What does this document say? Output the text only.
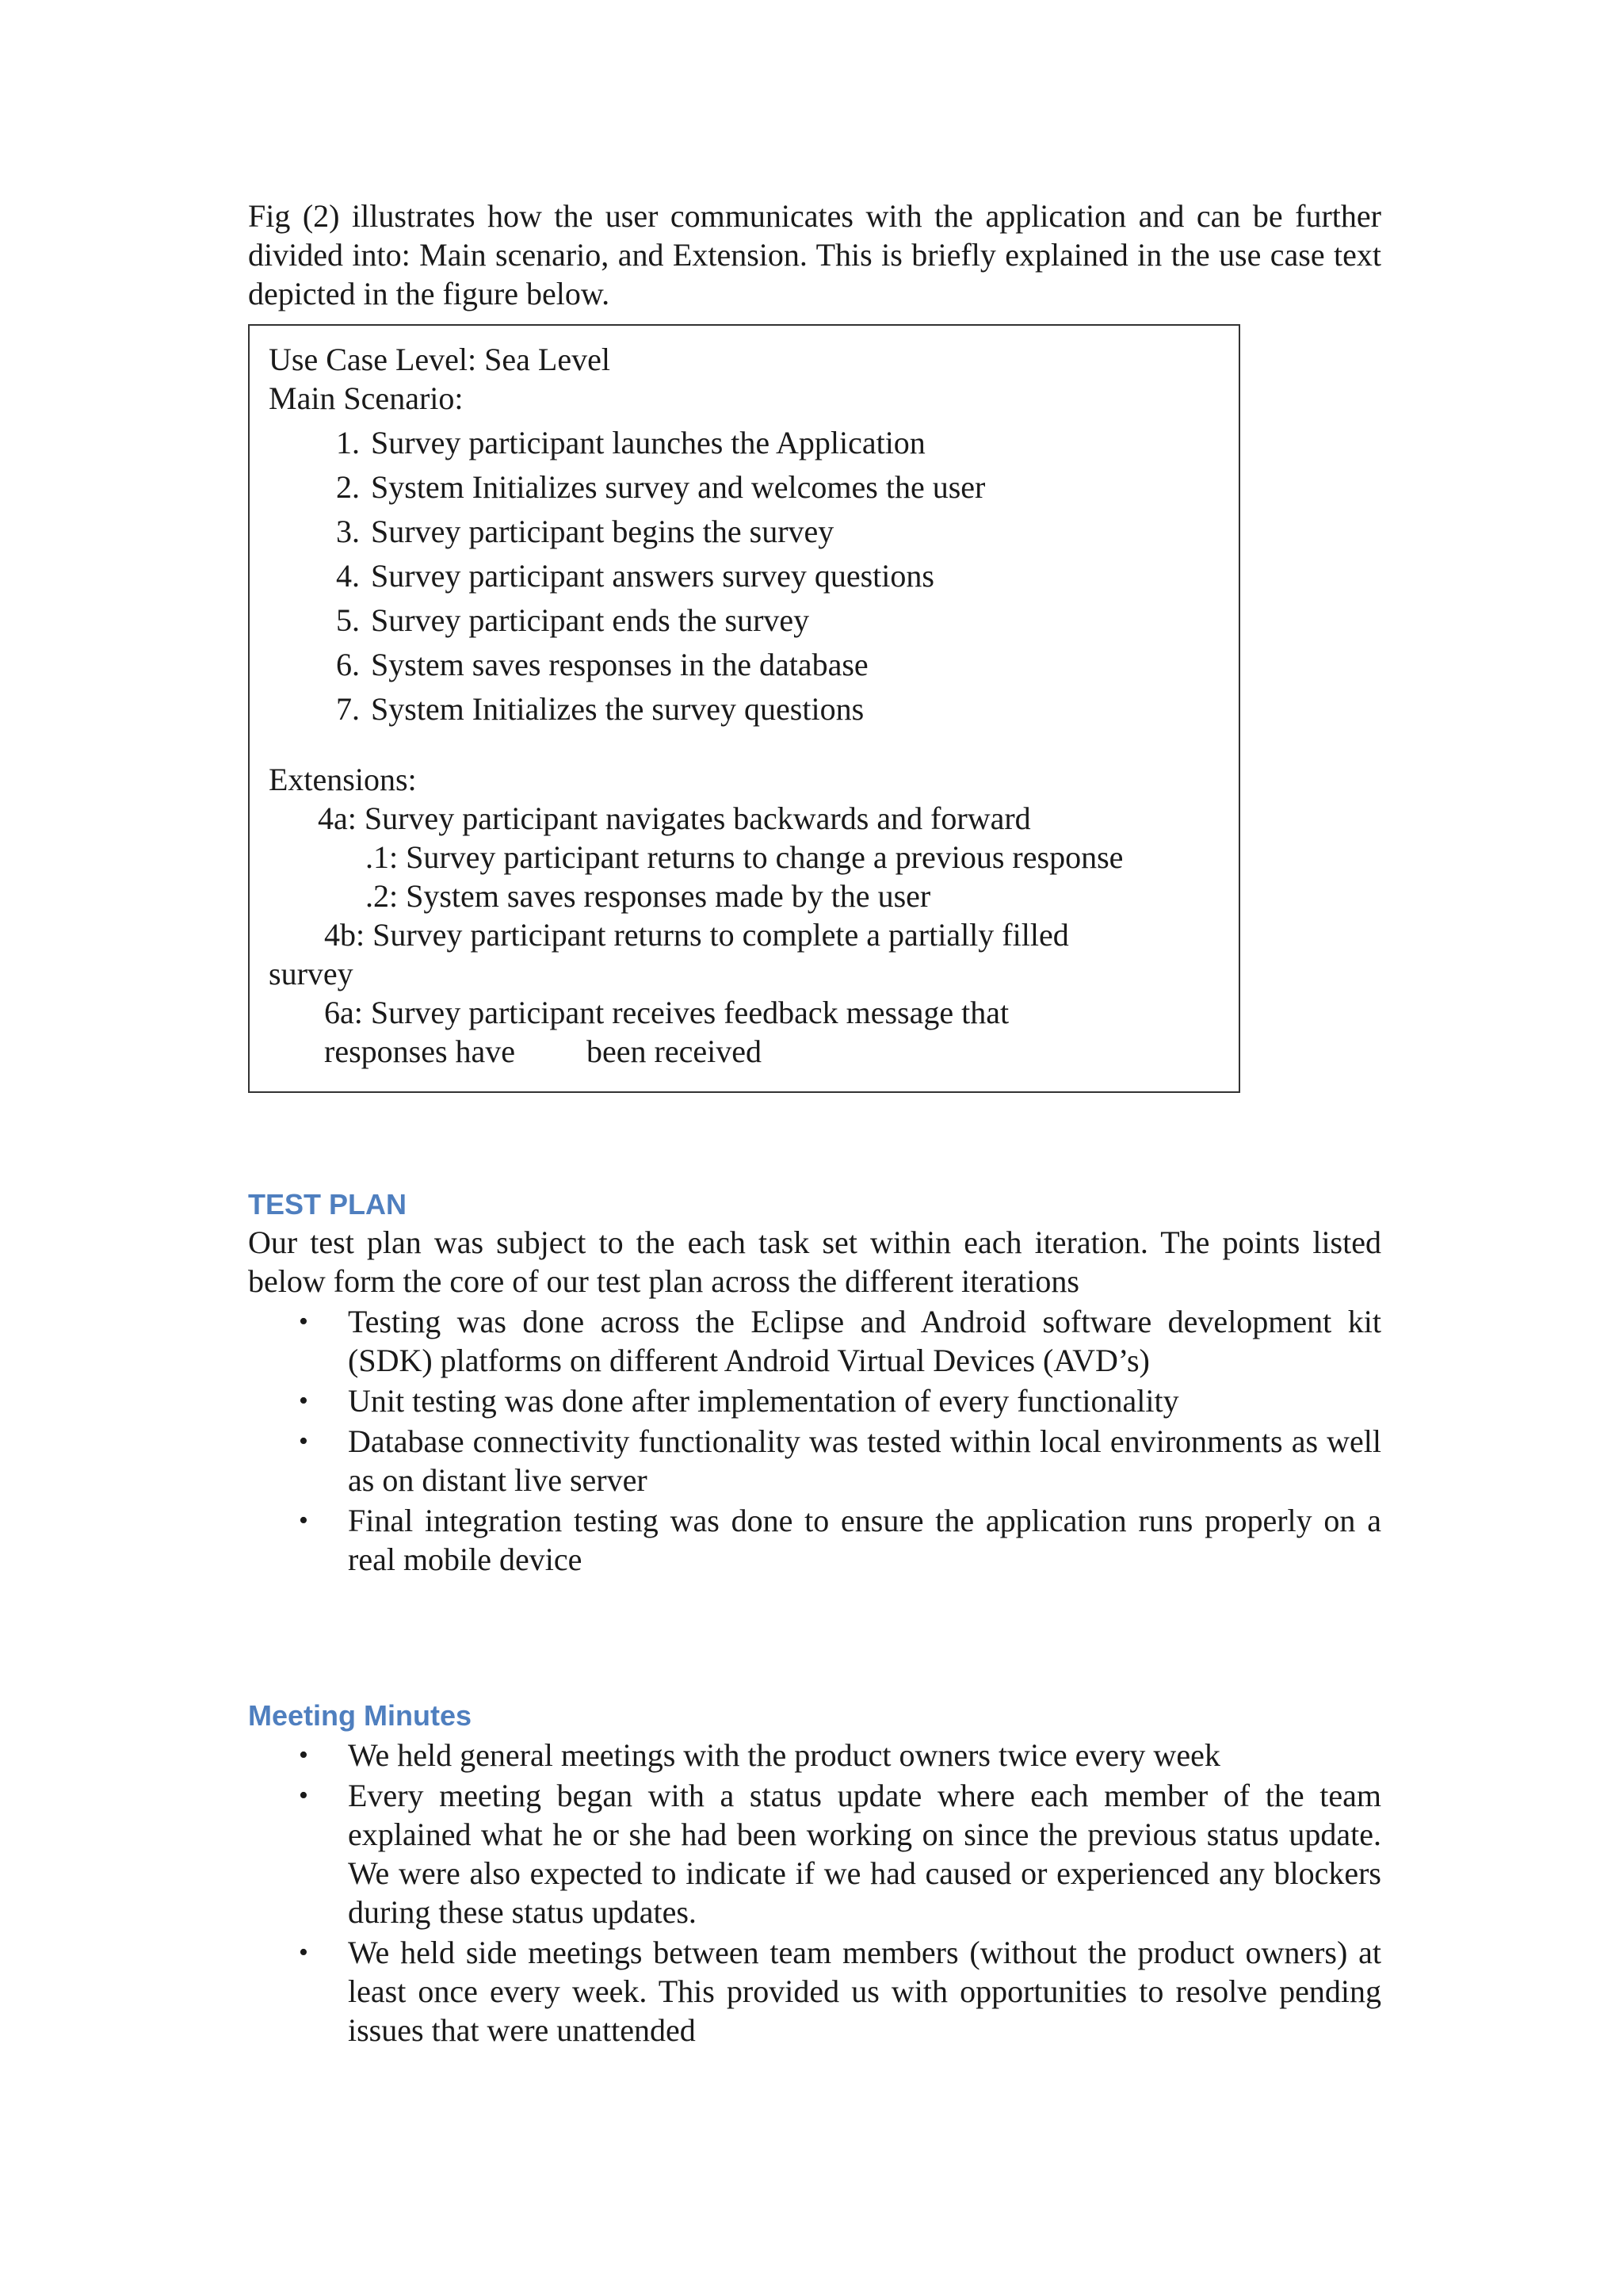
Fig (2) illustrates how the user communicates with the application and can be further divided into: Main scenario, and Extension. This is briefly explained in the use case text depicted in the figure below.

Use Case Level: Sea Level

Main Scenario:

1. Survey participant launches the Application
2. System Initializes survey and welcomes the user
3. Survey participant begins the survey
4. Survey participant answers survey questions
5. Survey participant ends the survey
6. System saves responses in the database
7. System Initializes the survey questions

Extensions:

4a: Survey participant navigates backwards and forward

.1: Survey participant returns to change a previous response

.2: System saves responses made by the user

4b: Survey participant returns to complete a partially filled

survey

6a: Survey participant receives feedback message that

responses have         been received

TEST PLAN

Our test plan was subject to the each task set within each iteration. The points listed below form the core of our test plan across the different iterations

• Testing was done across the Eclipse and Android software development kit (SDK) platforms on different Android Virtual Devices (AVD’s)
• Unit testing was done after implementation of every functionality
• Database connectivity functionality was tested within local environments as well as on distant live server
• Final integration testing was done to ensure the application runs properly on a real mobile device
Meeting Minutes
• We held general meetings with the product owners twice every week
• Every meeting began with a status update where each member of the team explained what he or she had been working on since the previous status update. We were also expected to indicate if we had caused or experienced any blockers during these status updates.
• We held side meetings between team members (without the product owners) at least once every week. This provided us with opportunities to resolve pending issues that were unattended
